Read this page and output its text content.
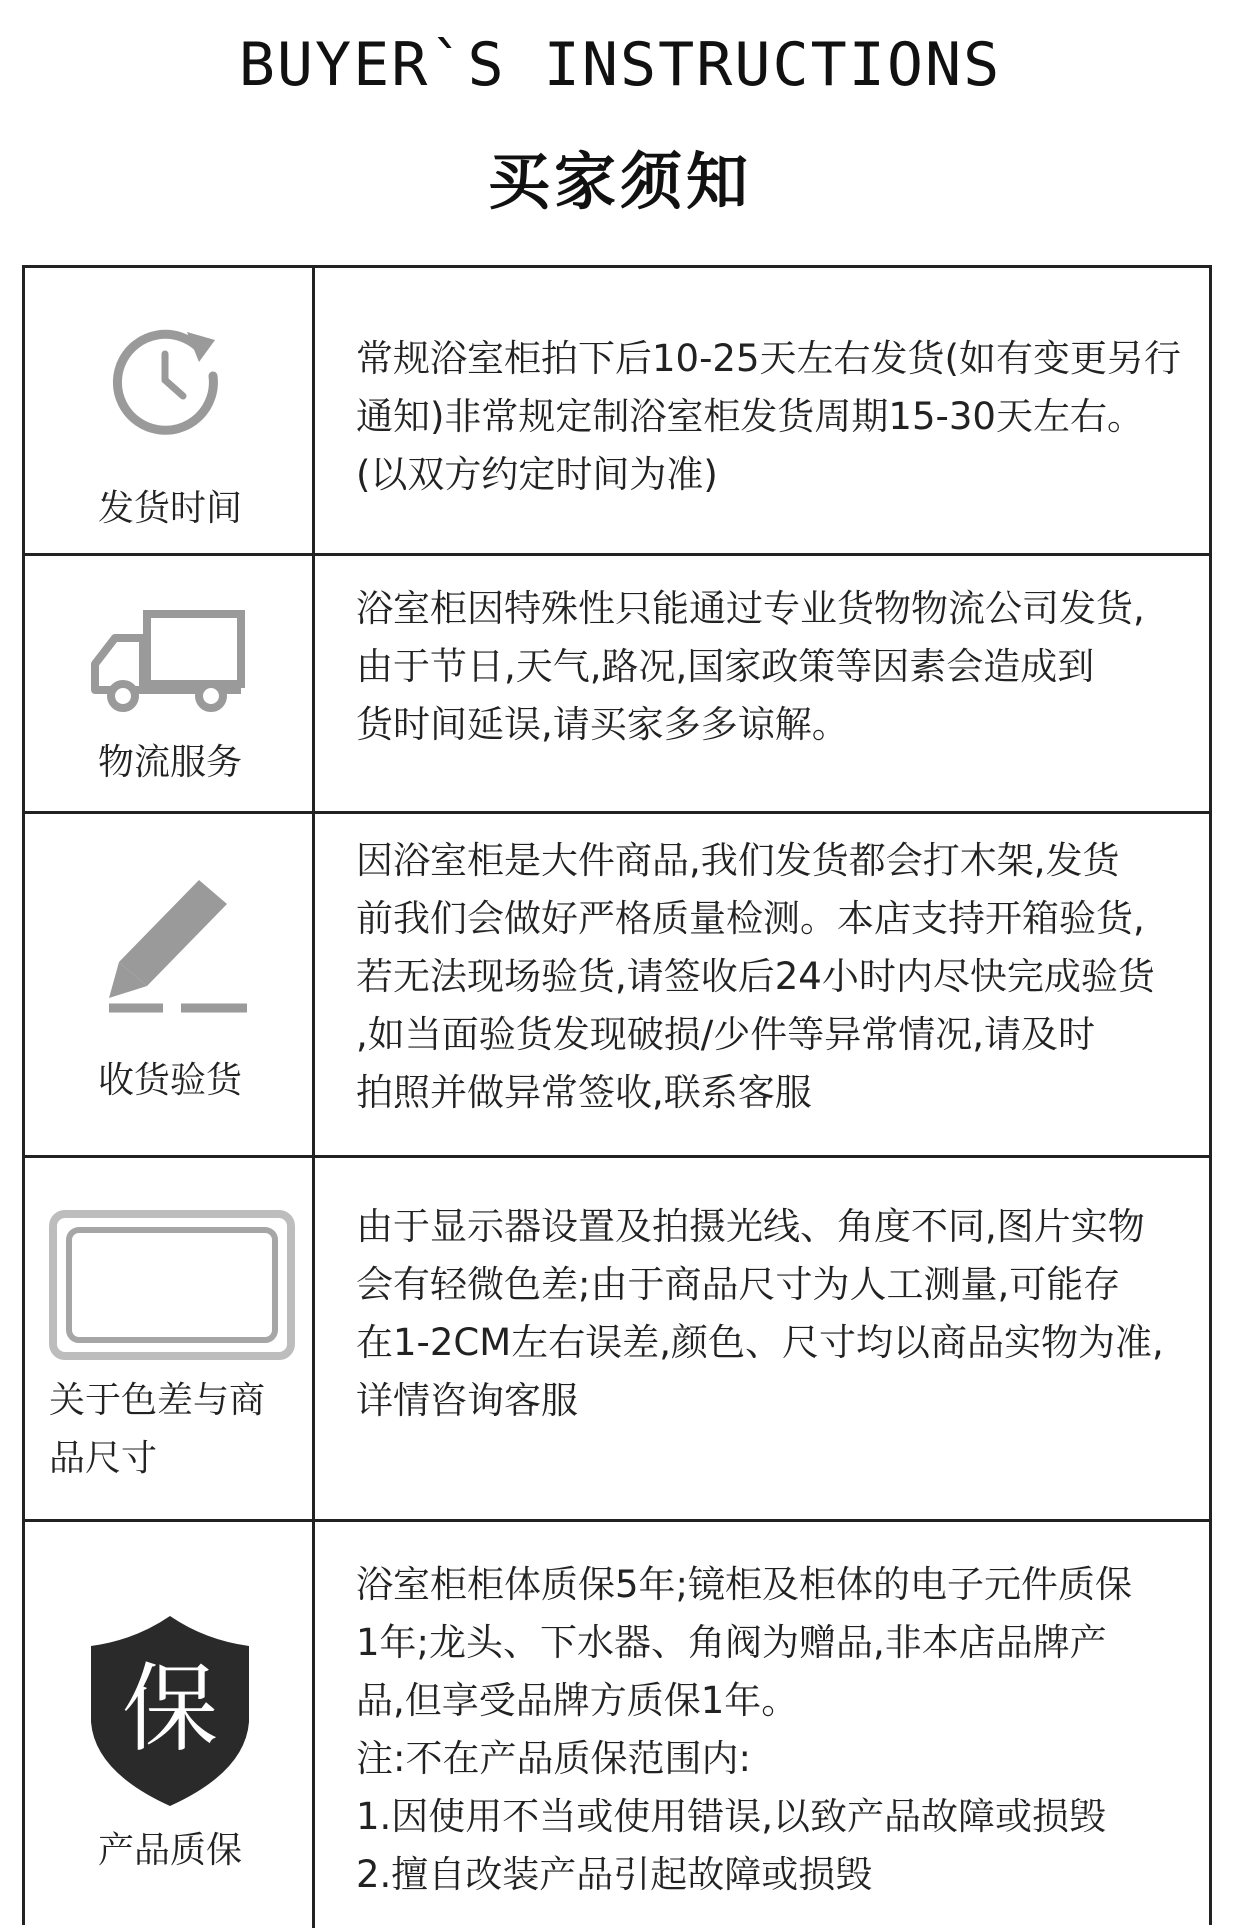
BUYER`S INSTRUCTIONS
买家须知
发货时间

常规浴室柜拍下后10-25天左右发货(如有变更另行

通知)非常规定制浴室柜发货周期15-30天左右。

(以双方约定时间为准)

物流服务

浴室柜因特殊性只能通过专业货物物流公司发货,

由于节日,天气,路况,国家政策等因素会造成到

货时间延误,请买家多多谅解。

收货验货

因浴室柜是大件商品,我们发货都会打木架,发货

前我们会做好严格质量检测。本店支持开箱验货,

若无法现场验货,请签收后24小时内尽快完成验货

,如当面验货发现破损/少件等异常情况,请及时

拍照并做异常签收,联系客服

关于色差与商
品尺寸

由于显示器设置及拍摄光线、角度不同,图片实物

会有轻微色差;由于商品尺寸为人工测量,可能存

在1-2CM左右误差,颜色、尺寸均以商品实物为准,

详情咨询客服

保
产品质保

浴室柜柜体质保5年;镜柜及柜体的电子元件质保

1年;龙头、下水器、角阀为赠品,非本店品牌产

品,但享受品牌方质保1年。

注:不在产品质保范围内:

1.因使用不当或使用错误,以致产品故障或损毁

2.擅自改装产品引起故障或损毁
